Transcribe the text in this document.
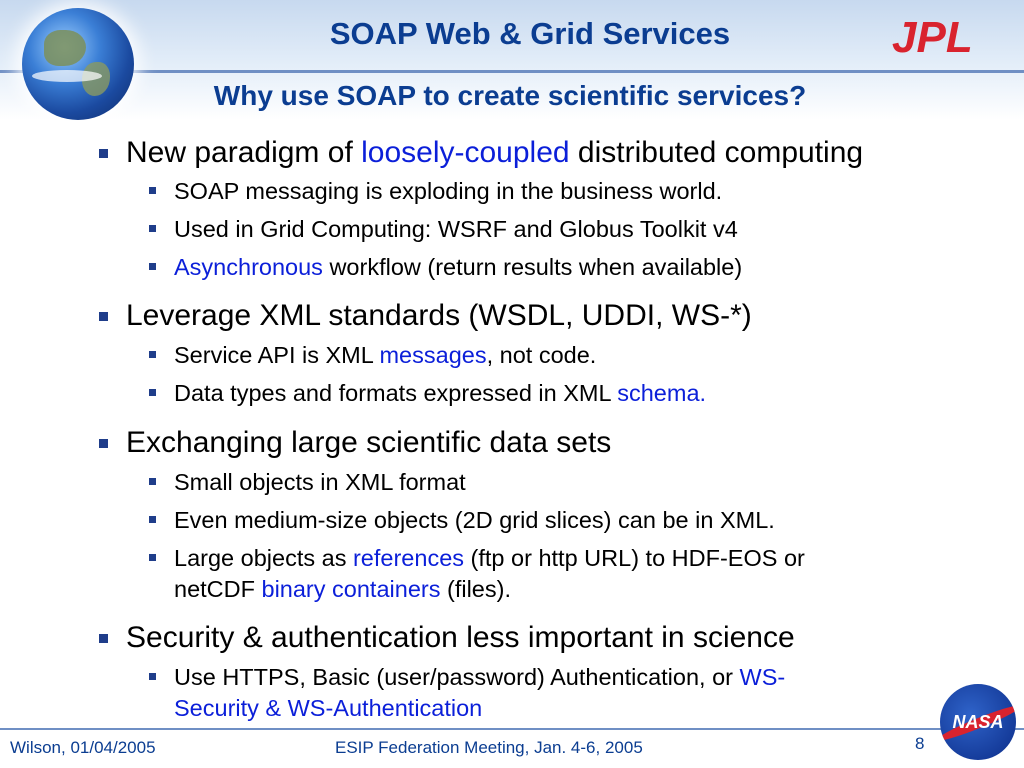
SOAP Web & Grid Services
Why use SOAP to create scientific services?
JPL
New paradigm of loosely-coupled distributed computing
SOAP messaging is exploding in the business world.
Used in Grid Computing: WSRF and Globus Toolkit v4
Asynchronous workflow (return results when available)
Leverage XML standards (WSDL, UDDI, WS-*)
Service API is XML messages, not code.
Data types and formats expressed in XML schema.
Exchanging large scientific data sets
Small objects in XML format
Even medium-size objects (2D grid slices) can be in XML.
Large objects as references (ftp or http URL) to HDF-EOS or
netCDF binary containers (files).
Security & authentication less important in science
Use HTTPS, Basic (user/password) Authentication, or WS-
Security & WS-Authentication
Wilson, 01/04/2005	ESIP Federation Meeting, Jan. 4-6, 2005	8
NASA
